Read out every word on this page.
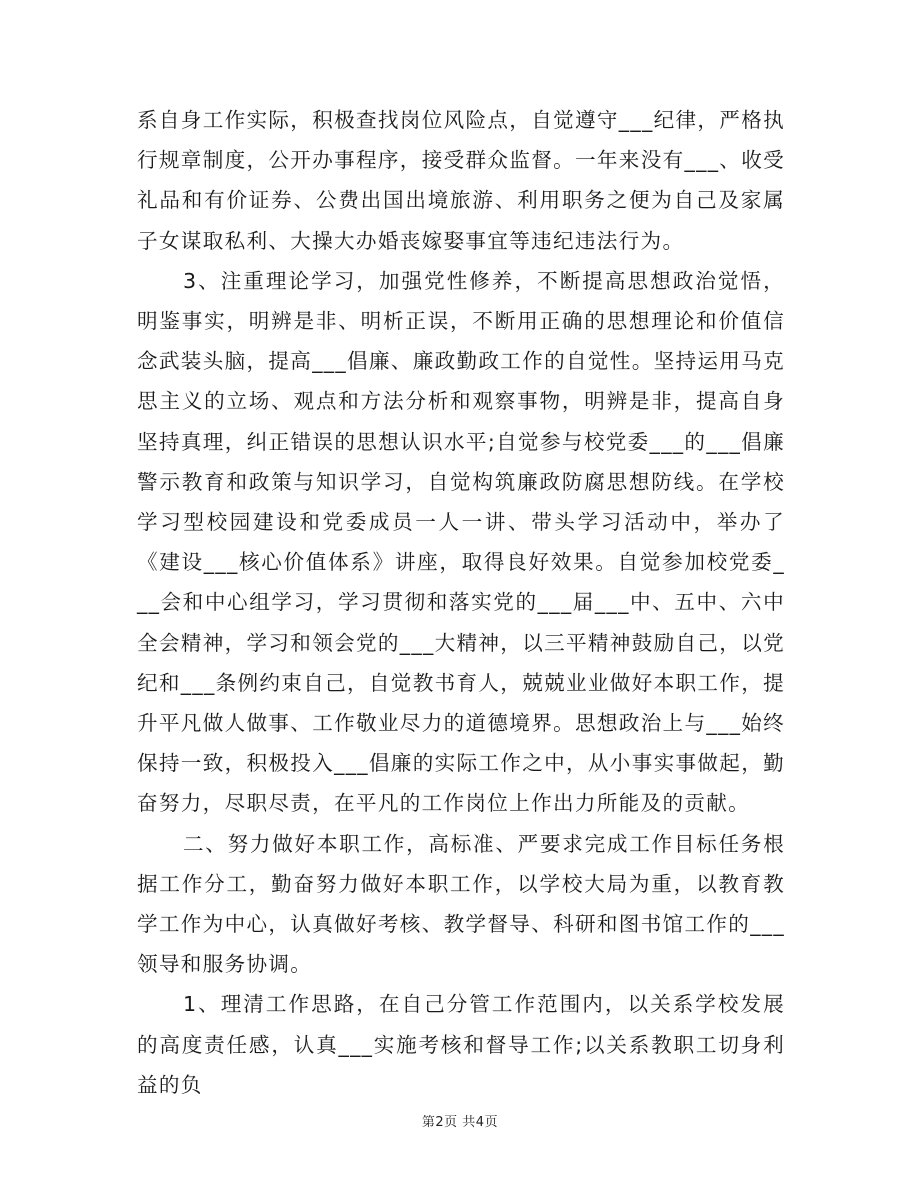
系自身工作实际，积极查找岗位风险点，自觉遵守___纪律，严格执行规章制度，公开办事程序，接受群众监督。一年来没有___、收受礼品和有价证券、公费出国出境旅游、利用职务之便为自己及家属子女谋取私利、大操大办婚丧嫁娶事宜等违纪违法行为。

3、注重理论学习，加强党性修养，不断提高思想政治觉悟，明鉴事实，明辨是非、明析正误，不断用正确的思想理论和价值信念武装头脑，提高___倡廉、廉政勤政工作的自觉性。坚持运用马克思主义的立场、观点和方法分析和观察事物，明辨是非，提高自身坚持真理，纠正错误的思想认识水平;自觉参与校党委___的___倡廉警示教育和政策与知识学习，自觉构筑廉政防腐思想防线。在学校学习型校园建设和党委成员一人一讲、带头学习活动中，举办了《建设___核心价值体系》讲座，取得良好效果。自觉参加校党委___会和中心组学习，学习贯彻和落实党的___届___中、五中、六中全会精神，学习和领会党的___大精神，以三平精神鼓励自己，以党纪和___条例约束自己，自觉教书育人，兢兢业业做好本职工作，提升平凡做人做事、工作敬业尽力的道德境界。思想政治上与___始终保持一致，积极投入___倡廉的实际工作之中，从小事实事做起，勤奋努力，尽职尽责，在平凡的工作岗位上作出力所能及的贡献。

二、努力做好本职工作，高标准、严要求完成工作目标任务根据工作分工，勤奋努力做好本职工作，以学校大局为重，以教育教学工作为中心，认真做好考核、教学督导、科研和图书馆工作的___领导和服务协调。

1、理清工作思路，在自己分管工作范围内，以关系学校发展的高度责任感，认真___实施考核和督导工作;以关系教职工切身利益的负

第2页 共4页
